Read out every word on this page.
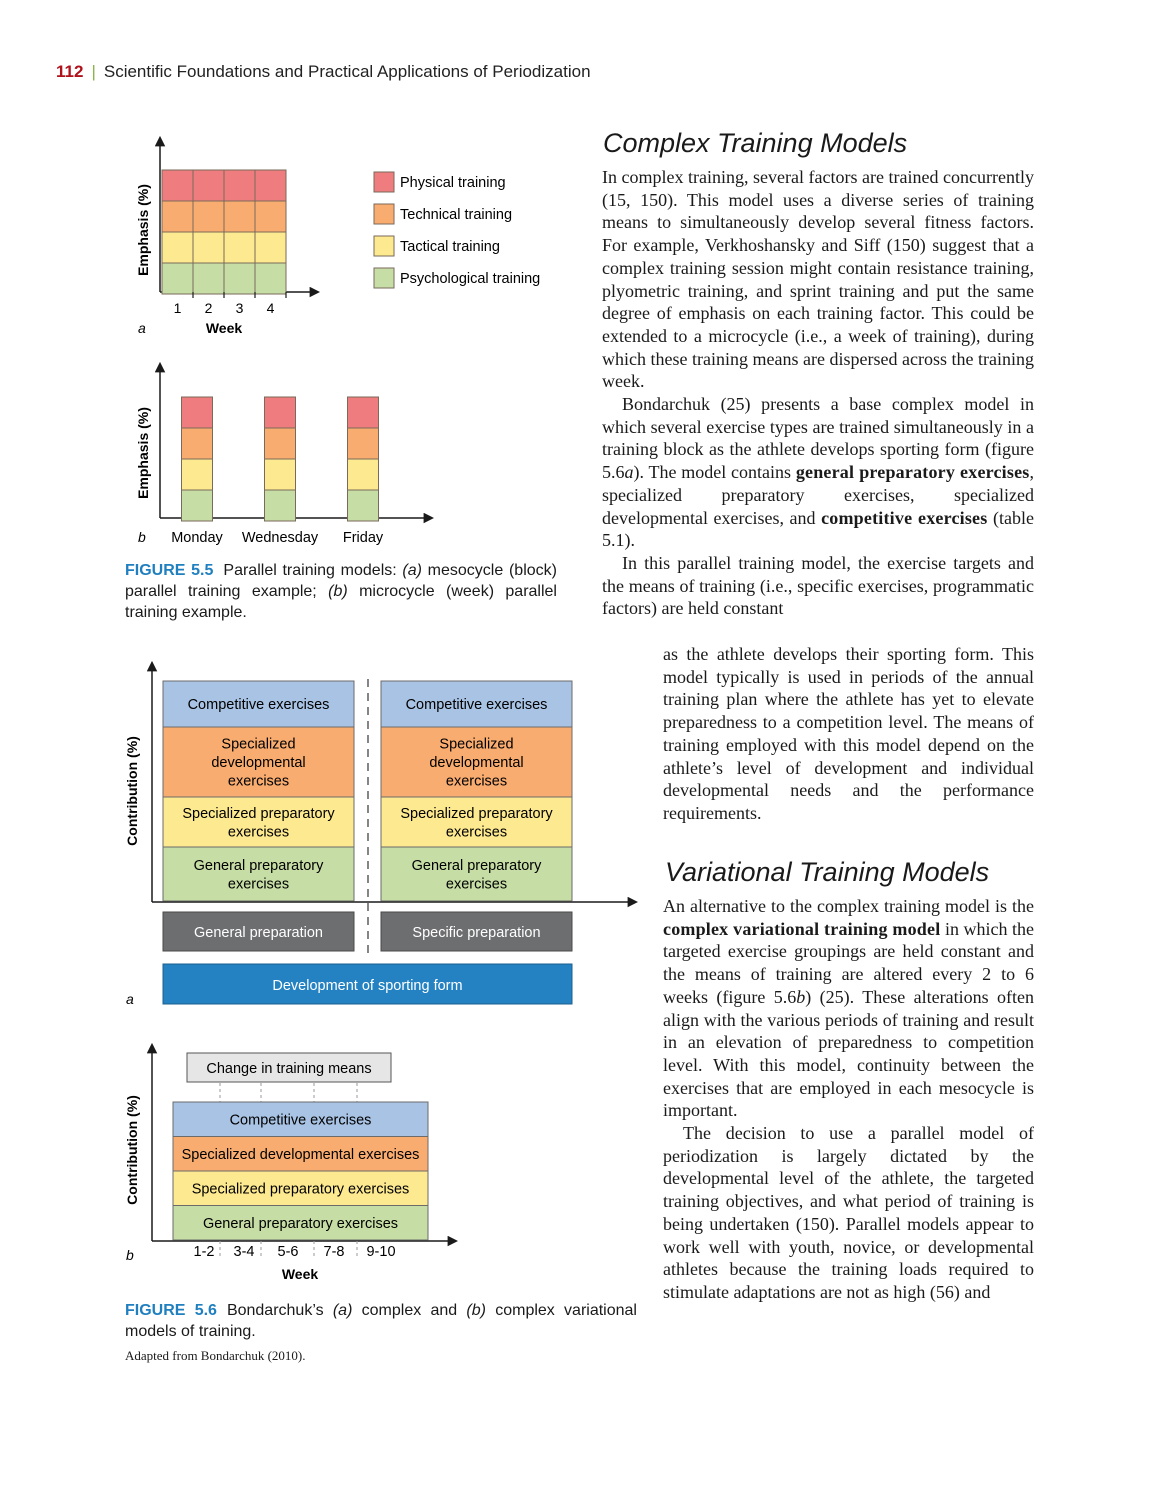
112 | Scientific Foundations and Practical Applications of Periodization
1 2 3 4
Emphasis (%)
Week
a
Physical training
Technical training
Tactical training
Psychological training
Monday Wednesday Friday
Emphasis (%)
b
FIGURE 5.5 Parallel training models: (a) mesocycle (block) parallel training example; (b) microcycle (week) parallel training example.
Competitive exercises
Specialized developmental exercises
Specialized preparatory exercises
General preparatory exercises
Competitive exercises
Specialized developmental exercises
Specialized preparatory exercises
General preparatory exercises
General preparation	Specific preparation
Development of sporting form
Contribution (%)
a
Change in training means
Competitive exercises
Specialized developmental exercises
Specialized preparatory exercises
General preparatory exercises
1-2 3-4 5-6 7-8 9-10
Week
Contribution (%)
b
FIGURE 5.6 Bondarchuk’s (a) complex and (b) complex variational models of training.
Adapted from Bondarchuk (2010).
Complex Training Models

In complex training, several factors are trained concurrently (15, 150). This model uses a diverse series of training means to simultaneously develop several fitness factors. For example, Verkhoshansky and Siff (150) suggest that a complex training session might contain resistance training, plyometric training, and sprint training and put the same degree of emphasis on each training factor. This could be extended to a microcycle (i.e., a week of training), during which these training means are dispersed across the training week.

Bondarchuk (25) presents a base complex model in which several exercise types are trained simultaneously in a training block as the athlete develops sporting form (figure 5.6a). The model contains general preparatory exercises, specialized preparatory exercises, specialized developmental exercises, and competitive exercises (table 5.1).

In this parallel training model, the exercise targets and the means of training (i.e., specific exercises, programmatic factors) are held constant

as the athlete develops their sporting form. This model typically is used in periods of the annual training plan where the athlete has yet to elevate preparedness to a competition level. The means of training employed with this model depend on the athlete’s level of development and individual developmental needs and the performance requirements.

Variational Training Models

An alternative to the complex training model is the complex variational training model in which the targeted exercise groupings are held constant and the means of training are altered every 2 to 6 weeks (figure 5.6b) (25). These alterations often align with the various periods of training and result in an elevation of preparedness to competition level. With this model, continuity between the exercises that are employed in each mesocycle is important.

The decision to use a parallel model of periodization is largely dictated by the developmental level of the athlete, the targeted training objectives, and what period of training is being undertaken (150). Parallel models appear to work well with youth, novice, or developmental athletes because the training loads required to stimulate adaptations are not as high (56) and
